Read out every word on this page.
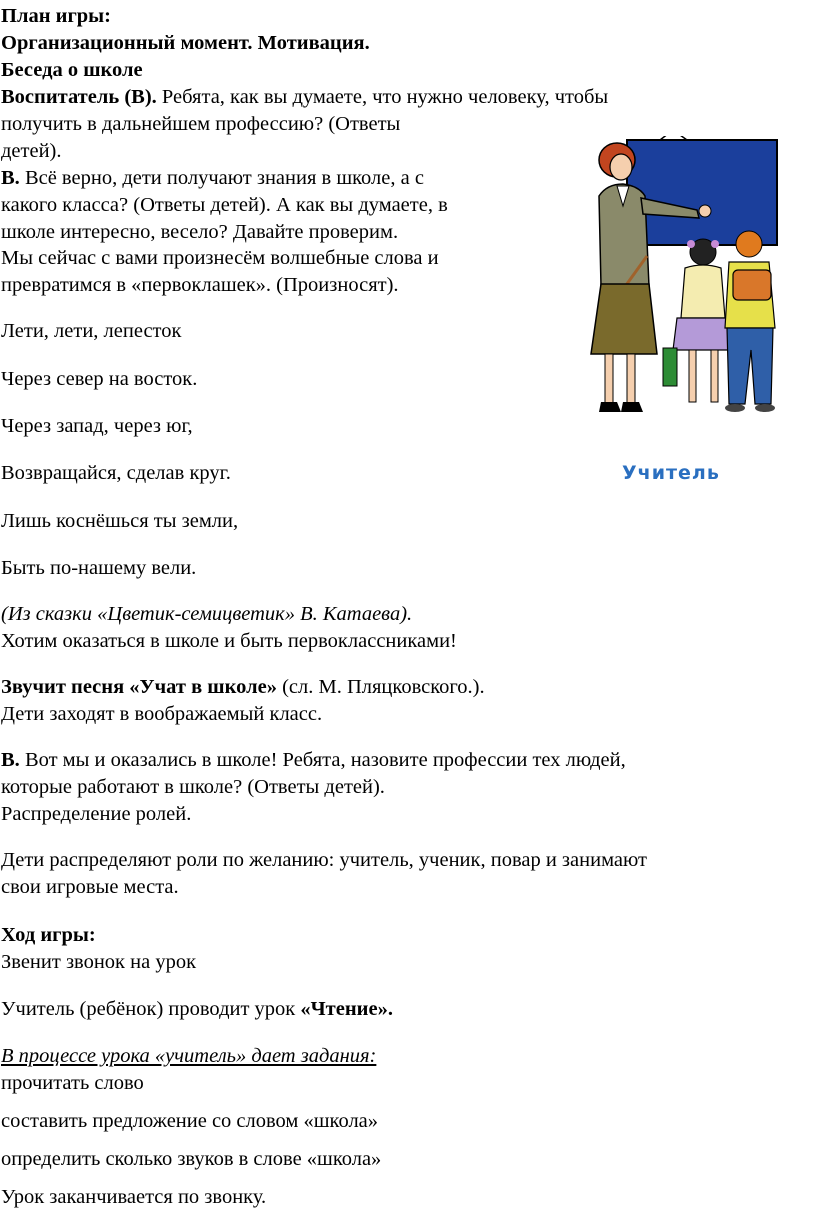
План игры:
Организационный момент. Мотивация.
Беседа о школе
Воспитатель (В). Ребята, как вы думаете, что нужно человеку, чтобы
получить в дальнейшем профессию? (Ответы
детей).
В. Всё верно, дети получают знания в школе, а с
какого класса? (Ответы детей). А как вы думаете, в
школе интересно, весело? Давайте проверим.
Мы сейчас с вами произнесём волшебные слова и
превратимся в «первоклашек». (Произносят).
Лети, лети, лепесток
Через север на восток.
Через запад, через юг,
Возвращайся, сделав круг.
Лишь коснёшься ты земли,
Быть по-нашему вели.
(Из сказки «Цветик-семицветик» В. Катаева).
Хотим оказаться в школе и быть первоклассниками!
Звучит песня «Учат в школе» (сл. М. Пляцковского.).
Дети заходят в воображаемый класс.
В. Вот мы и оказались в школе! Ребята, назовите профессии тех людей,
которые работают в школе? (Ответы детей).
Распределение ролей.
Дети распределяют роли по желанию: учитель, ученик, повар и занимают
свои игровые места.
Ход игры:
Звенит звонок на урок
Учитель (ребёнок) проводит урок «Чтение».
В процессе урока «учитель» дает задания:
прочитать слово
составить предложение со словом «школа»
определить сколько звуков в слове «школа»
Урок заканчивается по звонку.
Учитель
